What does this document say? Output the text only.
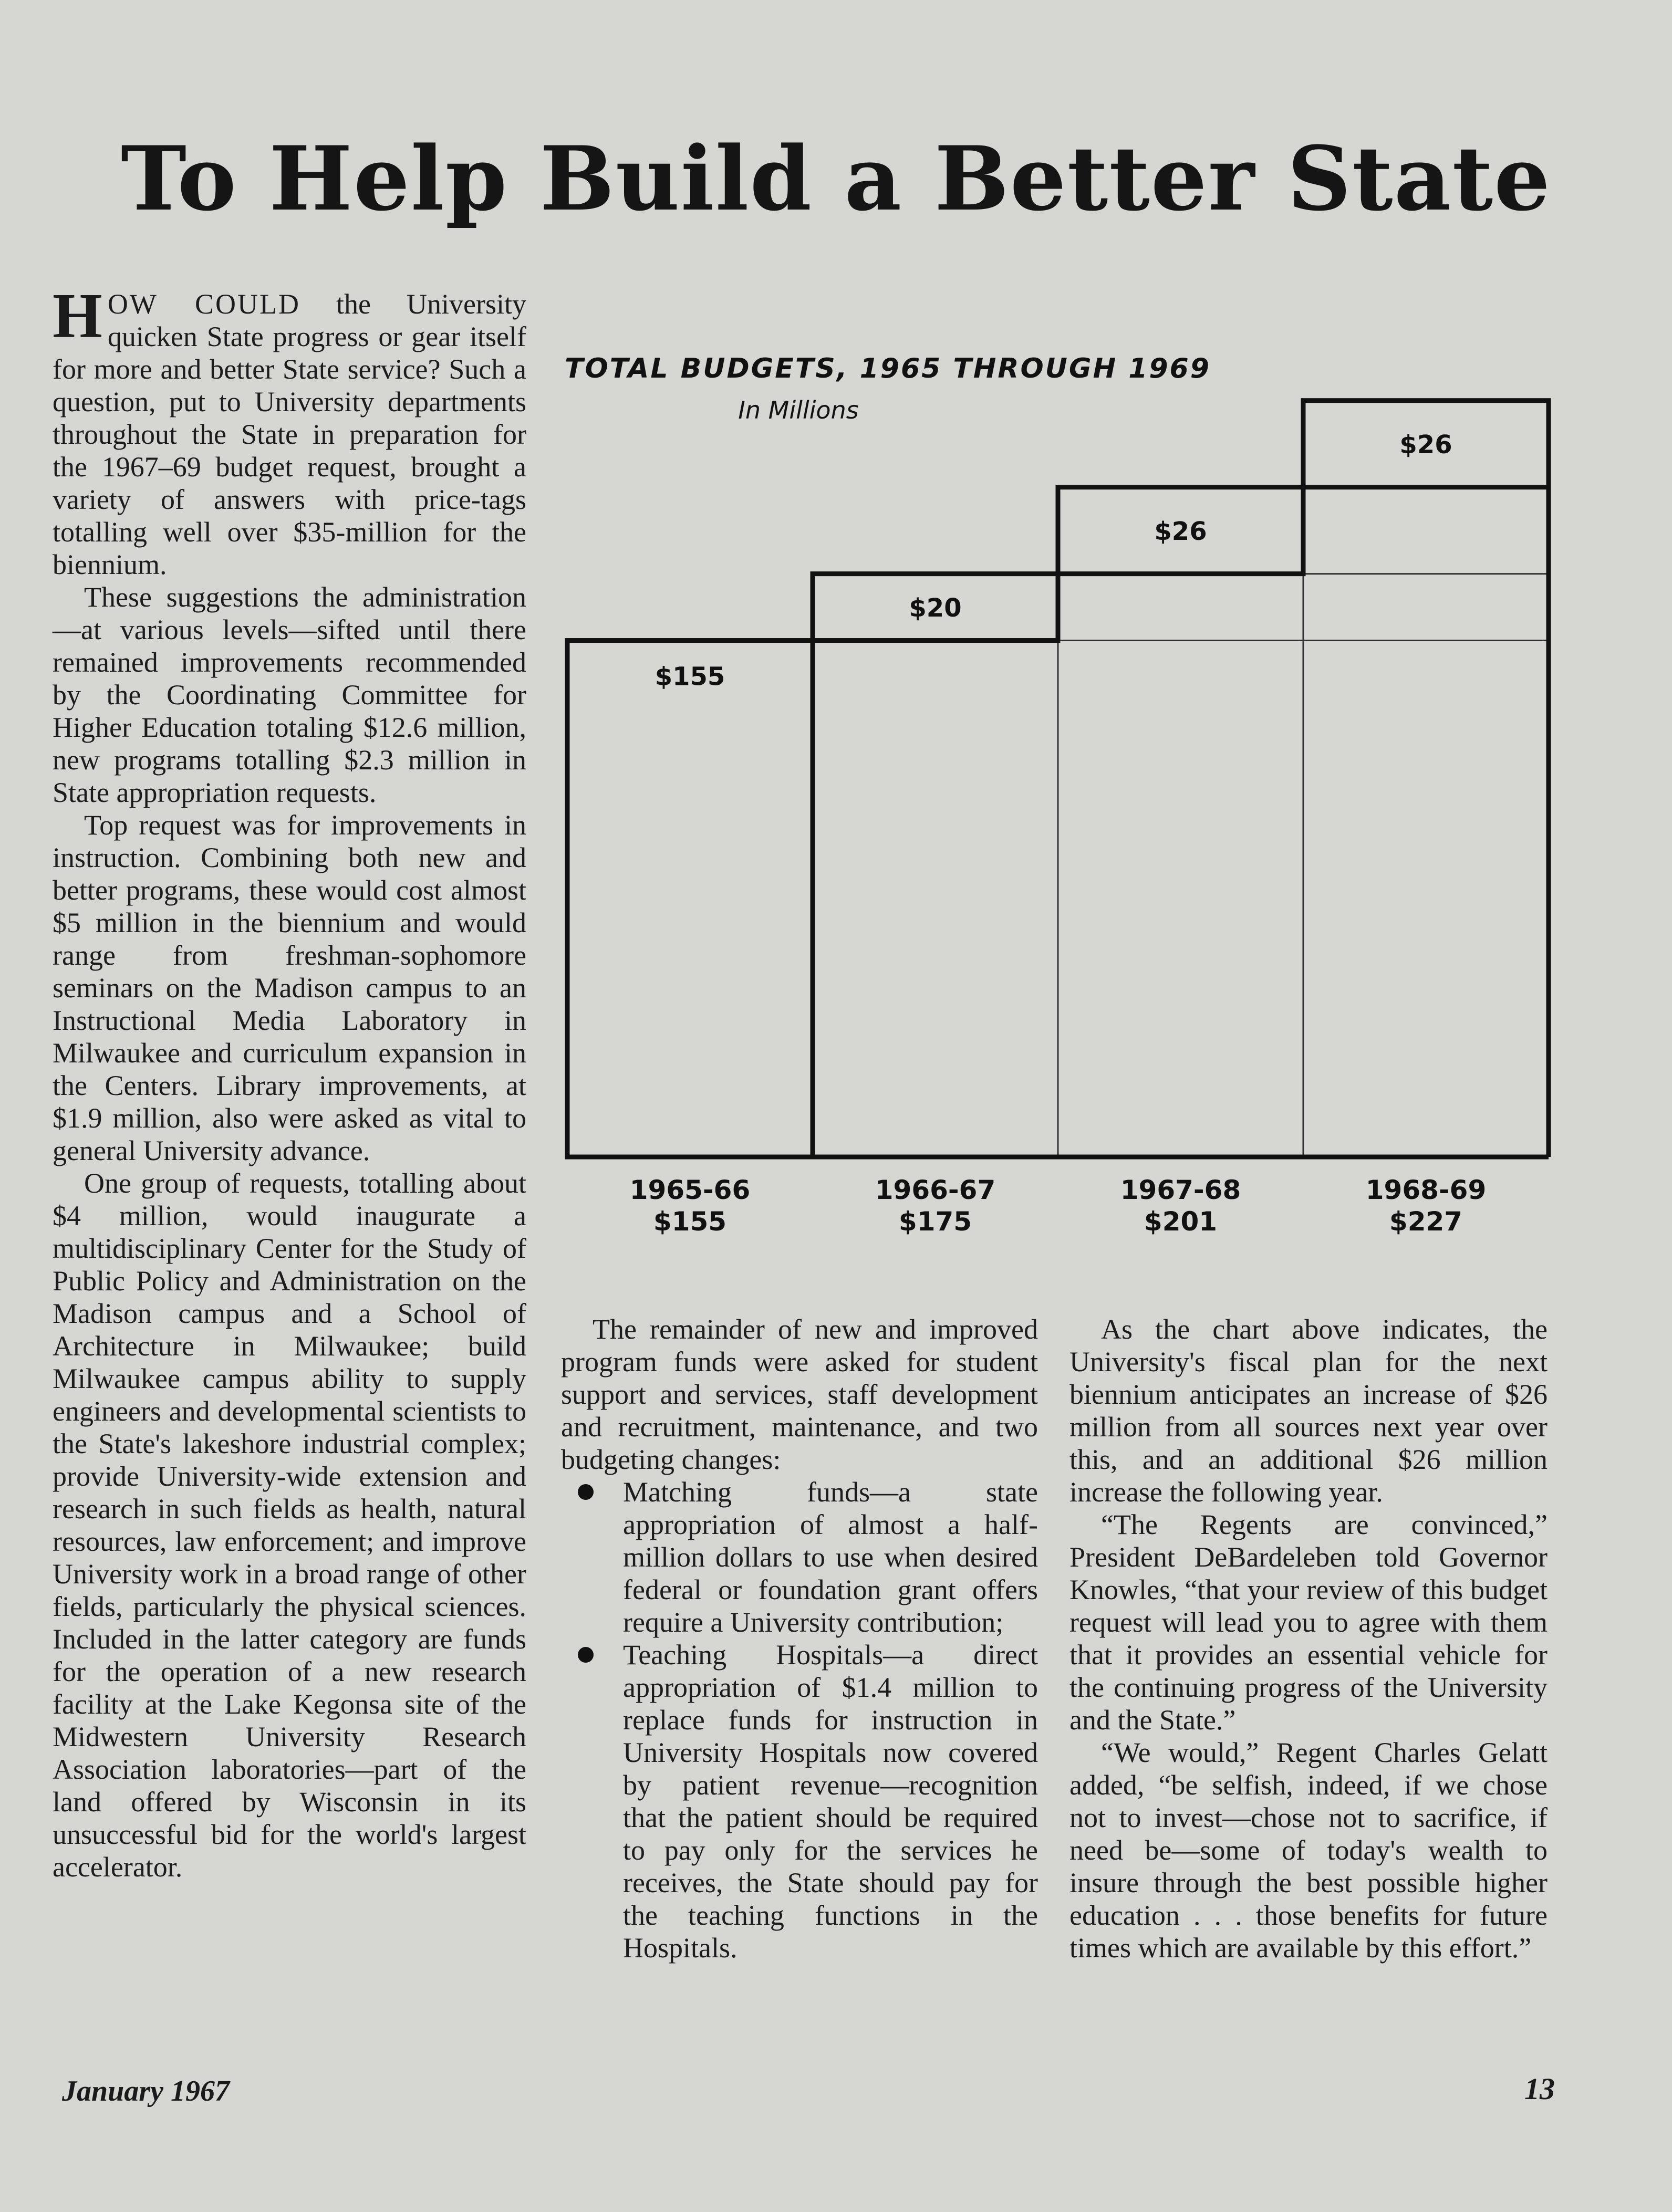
To Help Build a Better State

HOW COULD the University quicken State progress or gear itself for more and better State service? Such a question, put to University departments throughout the State in preparation for the 1967–69 budget request, brought a variety of answers with price-tags totalling well over $35-million for the biennium.

These suggestions the administration—at various levels—sifted until there remained improvements recommended by the Coordinating Committee for Higher Education totaling $12.6 million, new programs totalling $2.3 million in State appropriation requests.

Top request was for improvements in instruction. Combining both new and better programs, these would cost almost $5 million in the biennium and would range from freshman-sophomore seminars on the Madison campus to an Instructional Media Laboratory in Milwaukee and curriculum expansion in the Centers. Library improvements, at $1.9 million, also were asked as vital to general University advance.

One group of requests, totalling about $4 million, would inaugurate a multidisciplinary Center for the Study of Public Policy and Administration on the Madison campus and a School of Architecture in Milwaukee; build Milwaukee campus ability to supply engineers and developmental scientists to the State's lakeshore industrial complex; provide University-wide extension and research in such fields as health, natural resources, law enforcement; and improve University work in a broad range of other fields, particularly the physical sciences. Included in the latter category are funds for the operation of a new research facility at the Lake Kegonsa site of the Midwestern University Research Association laboratories—part of the land offered by Wisconsin in its unsuccessful bid for the world's largest accelerator.

The remainder of new and improved program funds were asked for student support and services, staff development and recruitment, maintenance, and two budgeting changes:

Matching funds—a state appropriation of almost a half-million dollars to use when desired federal or foundation grant offers require a University contribution;
Teaching Hospitals—a direct appropriation of $1.4 million to replace funds for instruction in University Hospitals now covered by patient revenue—recognition that the patient should be required to pay only for the services he receives, the State should pay for the teaching functions in the Hospitals.

As the chart above indicates, the University's fiscal plan for the next biennium anticipates an increase of $26 million from all sources next year over this, and an additional $26 million increase the following year.

“The Regents are convinced,” President DeBardeleben told Governor Knowles, “that your review of this budget request will lead you to agree with them that it provides an essential vehicle for the continuing progress of the University and the State.”

“We would,” Regent Charles Gelatt added, “be selfish, indeed, if we chose not to invest—chose not to sacrifice, if need be—some of today's wealth to insure through the best possible higher education . . . those benefits for future times which are available by this effort.”

TOTAL BUDGETS, 1965 THROUGH 1969
In Millions
$155
$20
$26
$26
1965-66
$155
1966-67
$175
1967-68
$201
1968-69
$227
January 1967	13
